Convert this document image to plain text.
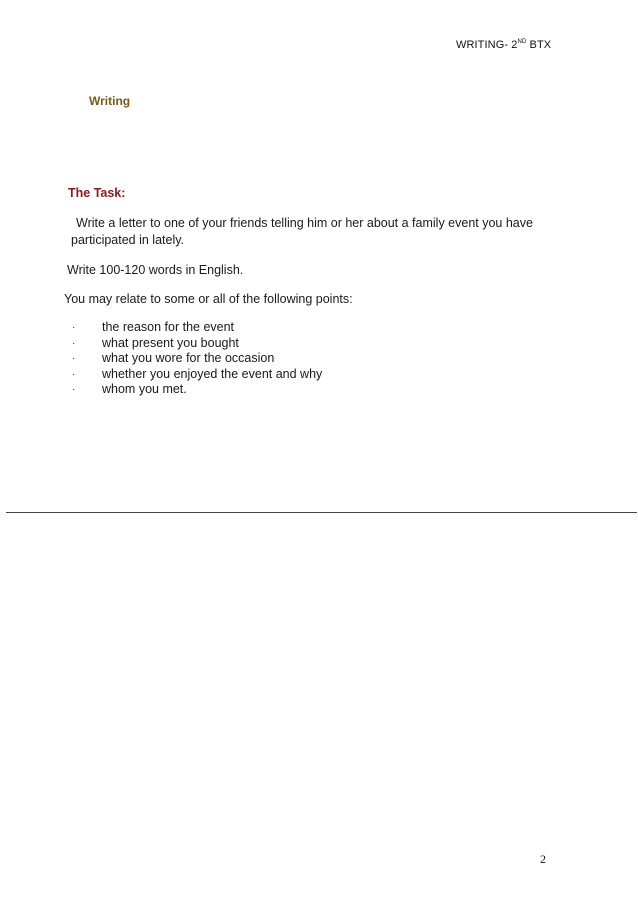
WRITING- 2ND BTX
Writing
The Task:
Write a letter to one of your friends telling him or her about a family event you have
participated in lately.
Write 100-120 words in English.
You may relate to some or all of the following points:
·	the reason for the event
·	what present you bought
·	what you wore for the occasion
·	whether you enjoyed the event and why
·	whom you met.
2
